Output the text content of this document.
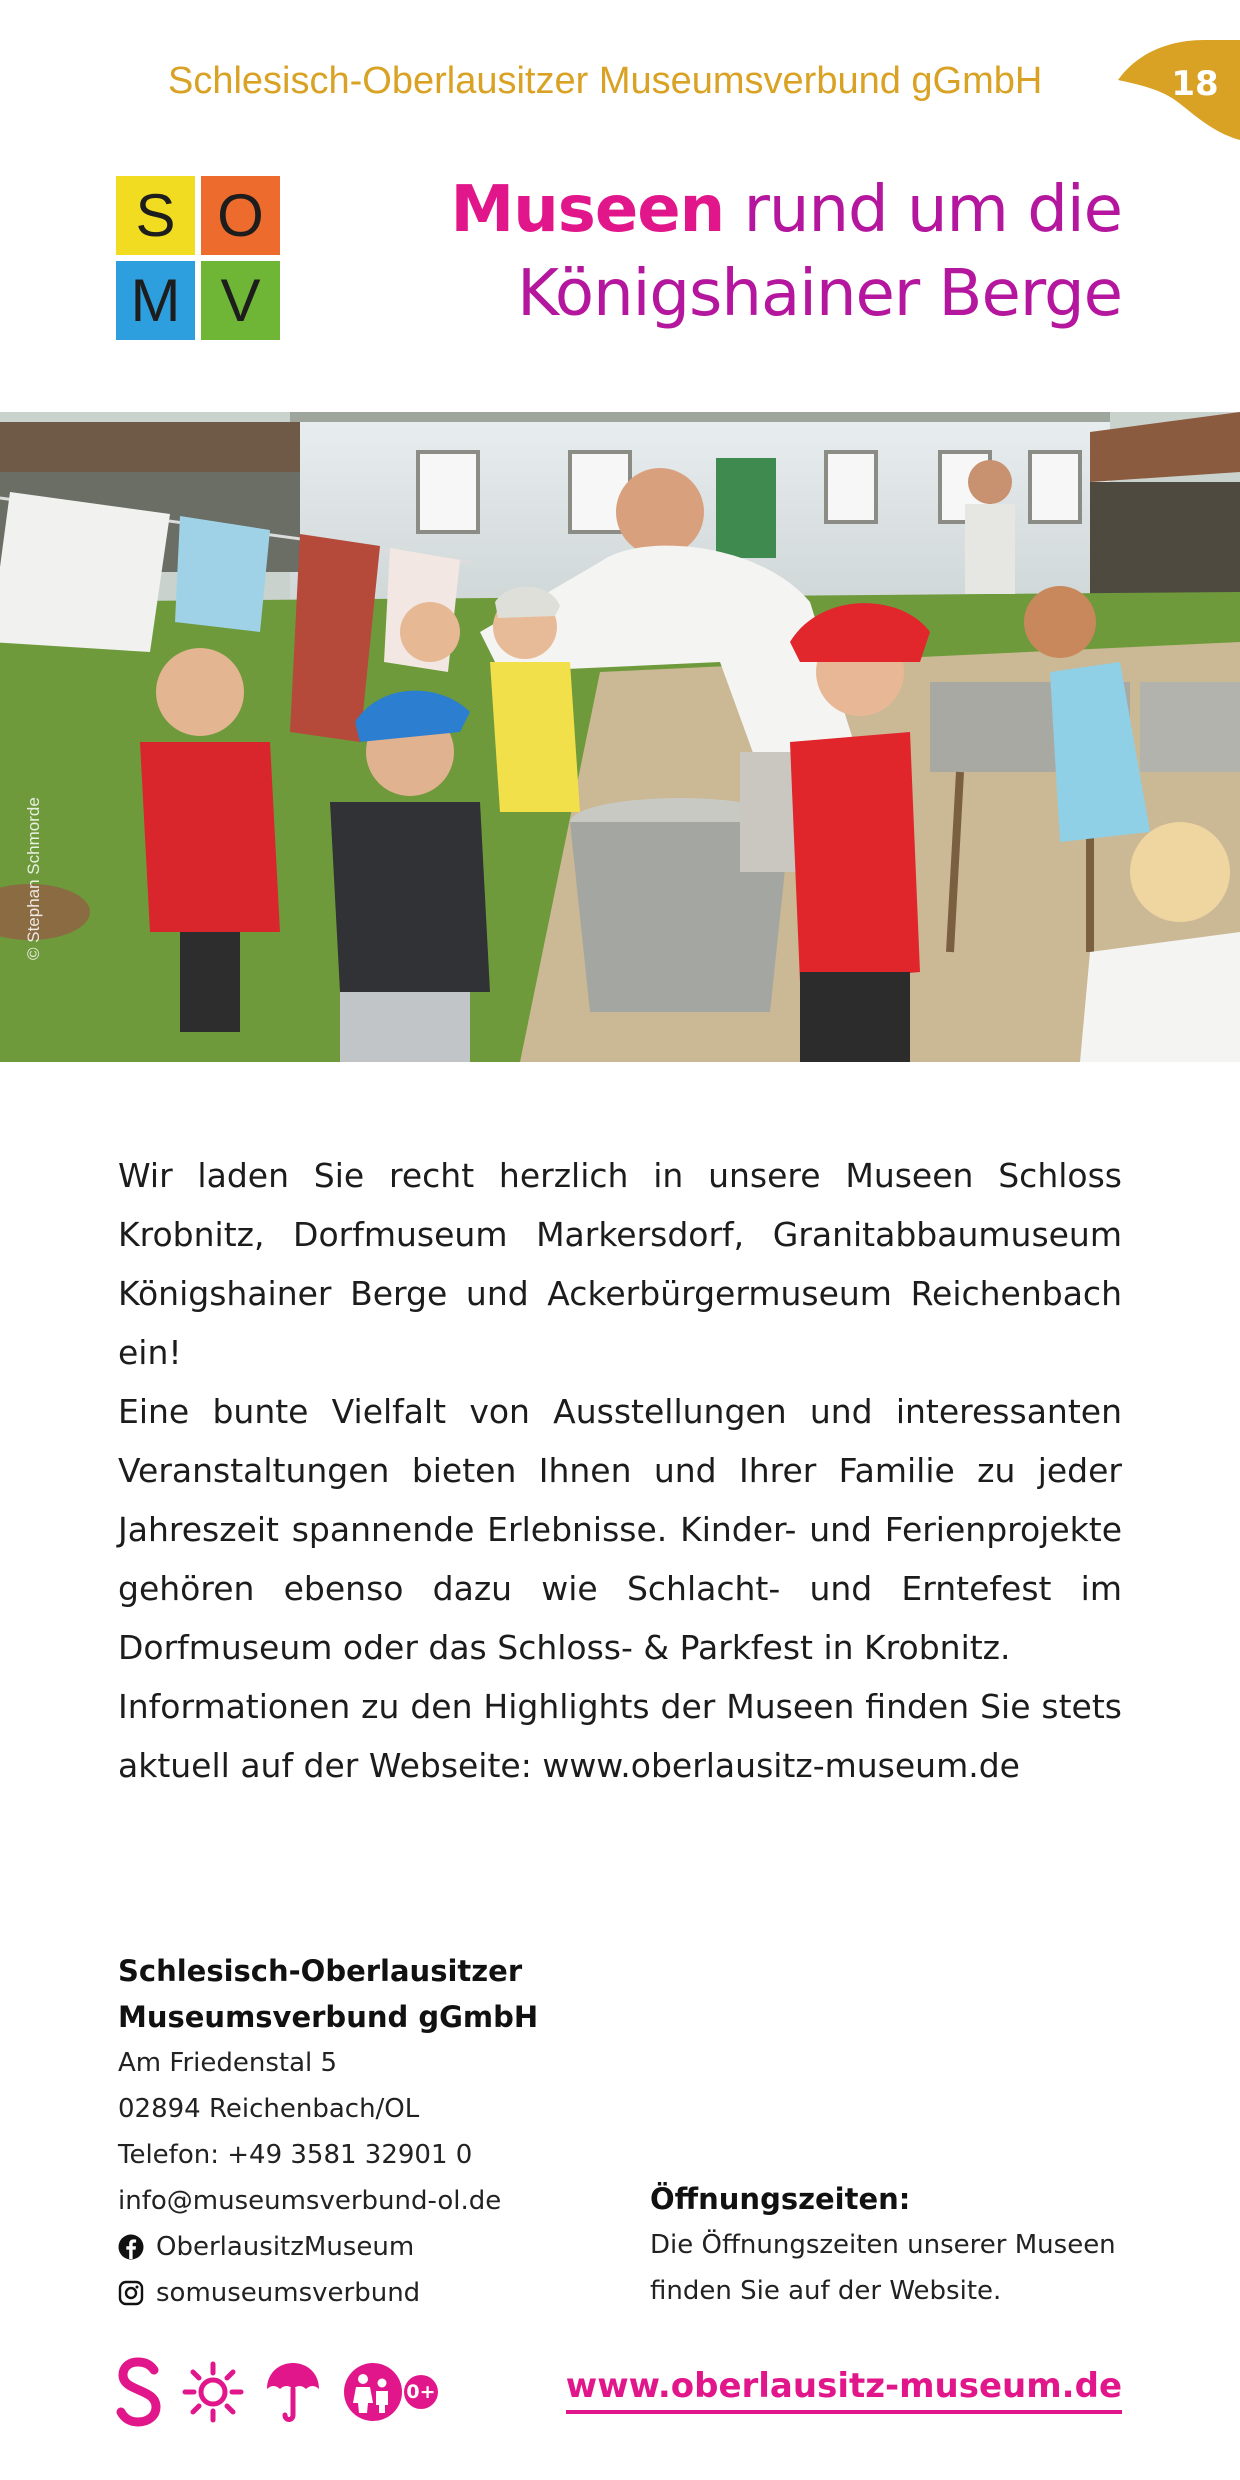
Schlesisch-Oberlausitzer Museumsverbund gGmbH	18
S O
M V
Museen rund um die
Königshainer Berge
© Stephan Schmorde

Wir laden Sie recht herzlich in unsere Museen Schloss Krobnitz, Dorfmuseum Markersdorf, Granitabbaumuseum Königshainer Berge und Ackerbürgermuseum Reichenbach ein!

Eine bunte Vielfalt von Ausstellungen und interessanten Veranstaltungen bieten Ihnen und Ihrer Familie zu jeder Jahreszeit spannende Erlebnisse. Kinder- und Ferienprojekte gehören ebenso dazu wie Schlacht- und Erntefest im Dorfmuseum oder das Schloss- & Parkfest in Krobnitz.

Informationen zu den Highlights der Museen finden Sie stets aktuell auf der Webseite: www.oberlausitz-museum.de

Schlesisch-Oberlausitzer
Museumsverbund gGmbH
Am Friedenstal 5
02894 Reichenbach/OL
Telefon: +49 3581 32901 0
info@museumsverbund-ol.de
OberlausitzMuseum
somuseumsverbund
Öffnungszeiten:
Die Öffnungszeiten unserer Museen
finden Sie auf der Website.
0+	www.oberlausitz-museum.de
